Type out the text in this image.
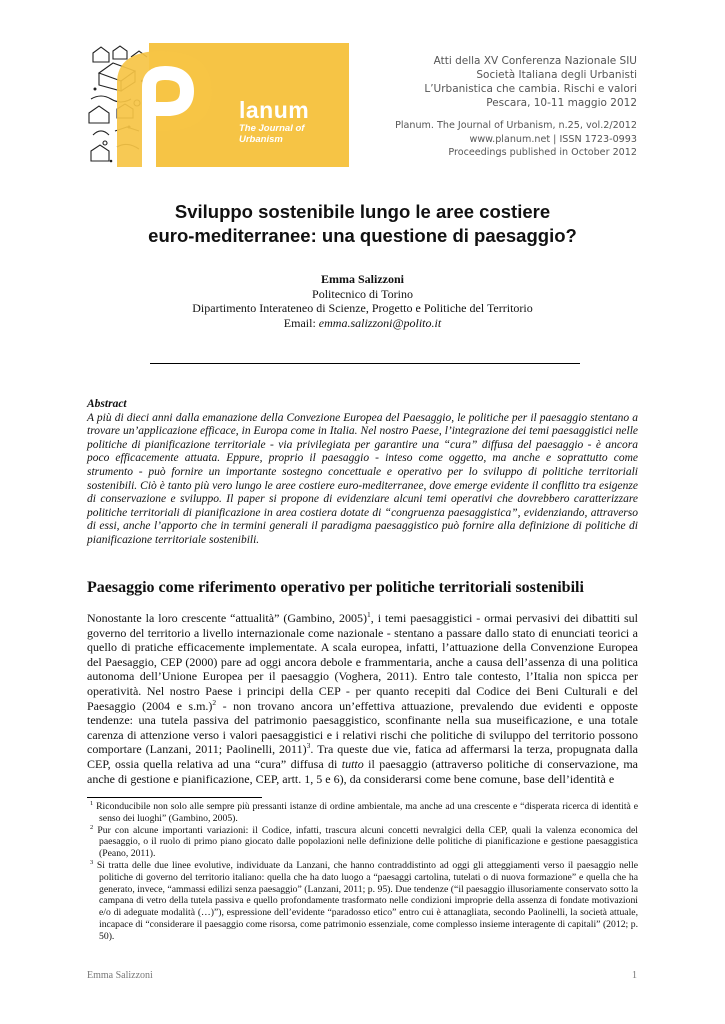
lanum
The Journal of Urbanism
Atti della XV Conferenza Nazionale SIU
Società Italiana degli Urbanisti
L’Urbanistica che cambia. Rischi e valori
Pescara, 10-11 maggio 2012
Planum. The Journal of Urbanism, n.25, vol.2/2012
www.planum.net | ISSN 1723-0993
Proceedings published in October 2012
Sviluppo sostenibile lungo le aree costiere
euro-mediterranee: una questione di paesaggio?
Emma Salizzoni
Politecnico di Torino
Dipartimento Interateneo di Scienze, Progetto e Politiche del Territorio
Email: emma.salizzoni@polito.it
Abstract
A più di dieci anni dalla emanazione della Convezione Europea del Paesaggio, le politiche per il paesaggio stentano a trovare un’applicazione efficace, in Europa come in Italia. Nel nostro Paese, l’integrazione dei temi paesaggistici nelle politiche di pianificazione territoriale - via privilegiata per garantire una “cura” diffusa del paesaggio - è ancora poco efficacemente attuata. Eppure, proprio il paesaggio - inteso come oggetto, ma anche e soprattutto come strumento - può fornire un importante sostegno concettuale e operativo per lo sviluppo di politiche territoriali sostenibili. Ciò è tanto più vero lungo le aree costiere euro-mediterranee, dove emerge evidente il conflitto tra esigenze di conservazione e sviluppo. Il paper si propone di evidenziare alcuni temi operativi che dovrebbero caratterizzare politiche territoriali di pianificazione in area costiera dotate di “congruenza paesaggistica”, evidenziando, attraverso di essi, anche l’apporto che in termini generali il paradigma paesaggistico può fornire alla definizione di politiche di pianificazione territoriale sostenibili.
Paesaggio come riferimento operativo per politiche territoriali sostenibili
Nonostante la loro crescente “attualità” (Gambino, 2005)$^1$, i temi paesaggistici - ormai pervasivi dei dibattiti sul governo del territorio a livello internazionale come nazionale - stentano a passare dallo stato di enunciati teorici a quello di pratiche efficacemente implementate. A scala europea, infatti, l’attuazione della Convenzione Europea del Paesaggio, CEP (2000) pare ad oggi ancora debole e frammentaria, anche a causa dell’assenza di una politica autonoma dell’Unione Europea per il paesaggio (Voghera, 2011). Entro tale contesto, l’Italia non spicca per operatività. Nel nostro Paese i principi della CEP - per quanto recepiti dal Codice dei Beni Culturali e del Paesaggio (2004 e s.m.)$^2$ - non trovano ancora un’effettiva attuazione, prevalendo due evidenti e opposte tendenze: una tutela passiva del patrimonio paesaggistico, sconfinante nella sua museificazione, e una totale carenza di attenzione verso i valori paesaggistici e i relativi rischi che politiche di sviluppo del territorio possono comportare (Lanzani, 2011; Paolinelli, 2011)$^3$. Tra queste due vie, fatica ad affermarsi la terza, propugnata dalla CEP, ossia quella relativa ad una “cura” diffusa di tutto il paesaggio (attraverso politiche di conservazione, ma anche di gestione e pianificazione, CEP, artt. 1, 5 e 6), da considerarsi come bene comune, base dell’identità e
$^1$ Riconducibile non solo alle sempre più pressanti istanze di ordine ambientale, ma anche ad una crescente e “disperata ricerca di identità e senso dei luoghi” (Gambino, 2005).
$^2$ Pur con alcune importanti variazioni: il Codice, infatti, trascura alcuni concetti nevralgici della CEP, quali la valenza economica del paesaggio, o il ruolo di primo piano giocato dalle popolazioni nelle definizione delle politiche di pianificazione e gestione paesaggistica (Peano, 2011).
$^3$ Si tratta delle due linee evolutive, individuate da Lanzani, che hanno contraddistinto ad oggi gli atteggiamenti verso il paesaggio nelle politiche di governo del territorio italiano: quella che ha dato luogo a “paesaggi cartolina, tutelati o di nuova formazione” e quella che ha generato, invece, “ammassi edilizi senza paesaggio” (Lanzani, 2011; p. 95). Due tendenze (“il paesaggio illusoriamente conservato sotto la campana di vetro della tutela passiva e quello profondamente trasformato nelle condizioni improprie della assenza di fondate motivazioni e/o di adeguate modalità (…)”), espressione dell’evidente “paradosso etico” entro cui è attanagliata, secondo Paolinelli, la società attuale, incapace di “considerare il paesaggio come risorsa, come patrimonio essenziale, come complesso insieme interagente di capitali” (2012; p. 50).
Emma Salizzoni	1
